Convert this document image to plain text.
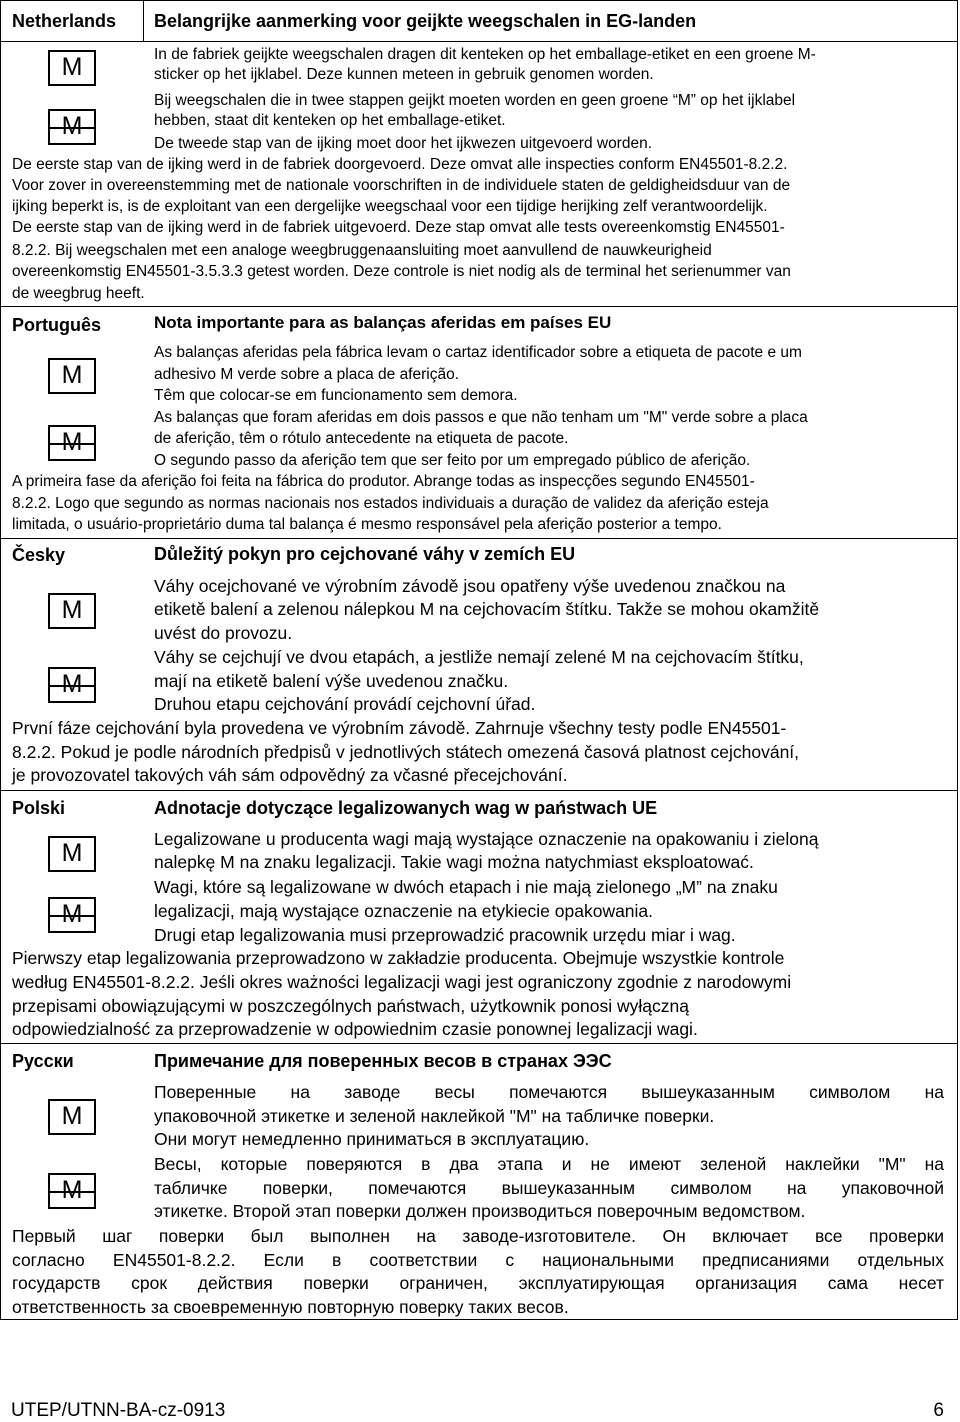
Netherlands Belangrijke aanmerking voor geijkte weegschalen in EG-landen
M
M
In de fabriek geijkte weegschalen dragen dit kenteken op het emballage-etiket en een groene M-
sticker op het ijklabel. Deze kunnen meteen in gebruik genomen worden.
Bij weegschalen die in twee stappen geijkt moeten worden en geen groene “M” op het ijklabel
hebben, staat dit kenteken op het emballage-etiket.
De tweede stap van de ijking moet door het ijkwezen uitgevoerd worden.
De eerste stap van de ijking werd in de fabriek doorgevoerd. Deze omvat alle inspecties conform EN45501-8.2.2.
Voor zover in overeenstemming met de nationale voorschriften in de individuele staten de geldigheidsduur van de
ijking beperkt is, is de exploitant van een dergelijke weegschaal voor een tijdige herijking zelf verantwoordelijk.
De eerste stap van de ijking werd in de fabriek uitgevoerd. Deze stap omvat alle tests overeenkomstig EN45501-
8.2.2. Bij weegschalen met een analoge weegbruggenaansluiting moet aanvullend de nauwkeurigheid
overeenkomstig EN45501-3.5.3.3 getest worden. Deze controle is niet nodig als de terminal het serienummer van
de weegbrug heeft.
Português	Nota importante para as balanças aferidas em países EU
M
M
As balanças aferidas pela fábrica levam o cartaz identificador sobre a etiqueta de pacote e um
adhesivo M verde sobre a placa de aferição.
Têm que colocar-se em funcionamento sem demora.
As balanças que foram aferidas em dois passos e que não tenham um "M" verde sobre a placa
de aferição, têm o rótulo antecedente na etiqueta de pacote.
O segundo passo da aferição tem que ser feito por um empregado público de aferição.
A primeira fase da aferição foi feita na fábrica do produtor. Abrange todas as inspecções segundo EN45501-
8.2.2. Logo que segundo as normas nacionais nos estados individuais a duração de validez da aferição esteja
limitada, o usuário-proprietário duma tal balança é mesmo responsável pela aferição posterior a tempo.
Česky	Důležitý pokyn pro cejchované váhy v zemích EU
M
M
Váhy ocejchované ve výrobním závodě jsou opatřeny výše uvedenou značkou na
etiketě balení a zelenou nálepkou M na cejchovacím štítku. Takže se mohou okamžitě
uvést do provozu.
Váhy se cejchují ve dvou etapách, a jestliže nemají zelené M na cejchovacím štítku,
mají na etiketě balení výše uvedenou značku.
Druhou etapu cejchování provádí cejchovní úřad.
První fáze cejchování byla provedena ve výrobním závodě. Zahrnuje všechny testy podle EN45501-
8.2.2. Pokud je podle národních předpisů v jednotlivých státech omezená časová platnost cejchování,
je provozovatel takových váh sám odpovědný za včasné přecejchování.
Polski	Adnotacje dotyczące legalizowanych wag w państwach UE
M
M
Legalizowane u producenta wagi mają wystające oznaczenie na opakowaniu i zieloną
nalepkę M na znaku legalizacji. Takie wagi można natychmiast eksploatować.
Wagi, które są legalizowane w dwóch etapach i nie mają zielonego „M” na znaku
legalizacji, mają wystające oznaczenie na etykiecie opakowania.
Drugi etap legalizowania musi przeprowadzić pracownik urzędu miar i wag.
Pierwszy etap legalizowania przeprowadzono w zakładzie producenta. Obejmuje wszystkie kontrole
według EN45501-8.2.2. Jeśli okres ważności legalizacji wagi jest ograniczony zgodnie z narodowymi
przepisami obowiązującymi w poszczególnych państwach, użytkownik ponosi wyłączną
odpowiedzialność za przeprowadzenie w odpowiednim czasie ponownej legalizacji wagi.
Русски	Примечание для поверенных весов в странах ЭЭС
M
M
Поверенные на заводе весы помечаются вышеуказанным символом на
упаковочной этикетке и зеленой наклейкой "M" на табличке поверки.
Они могут немедленно приниматься в эксплуатацию.
Весы, которые поверяются в два этапа и не имеют зеленой наклейки "M" на
табличке поверки, помечаются вышеуказанным символом на упаковочной
этикетке. Второй этап поверки должен производиться поверочным ведомством.
Первый шаг поверки был выполнен на заводе-изготовителе. Он включает все проверки
согласно EN45501-8.2.2. Если в соответствии с национальными предписаниями отдельных
государств срок действия поверки ограничен, эксплуатирующая организация сама несет
ответственность за своевременную повторную поверку таких весов.
UTEP/UTNN-BA-cz-0913	6
